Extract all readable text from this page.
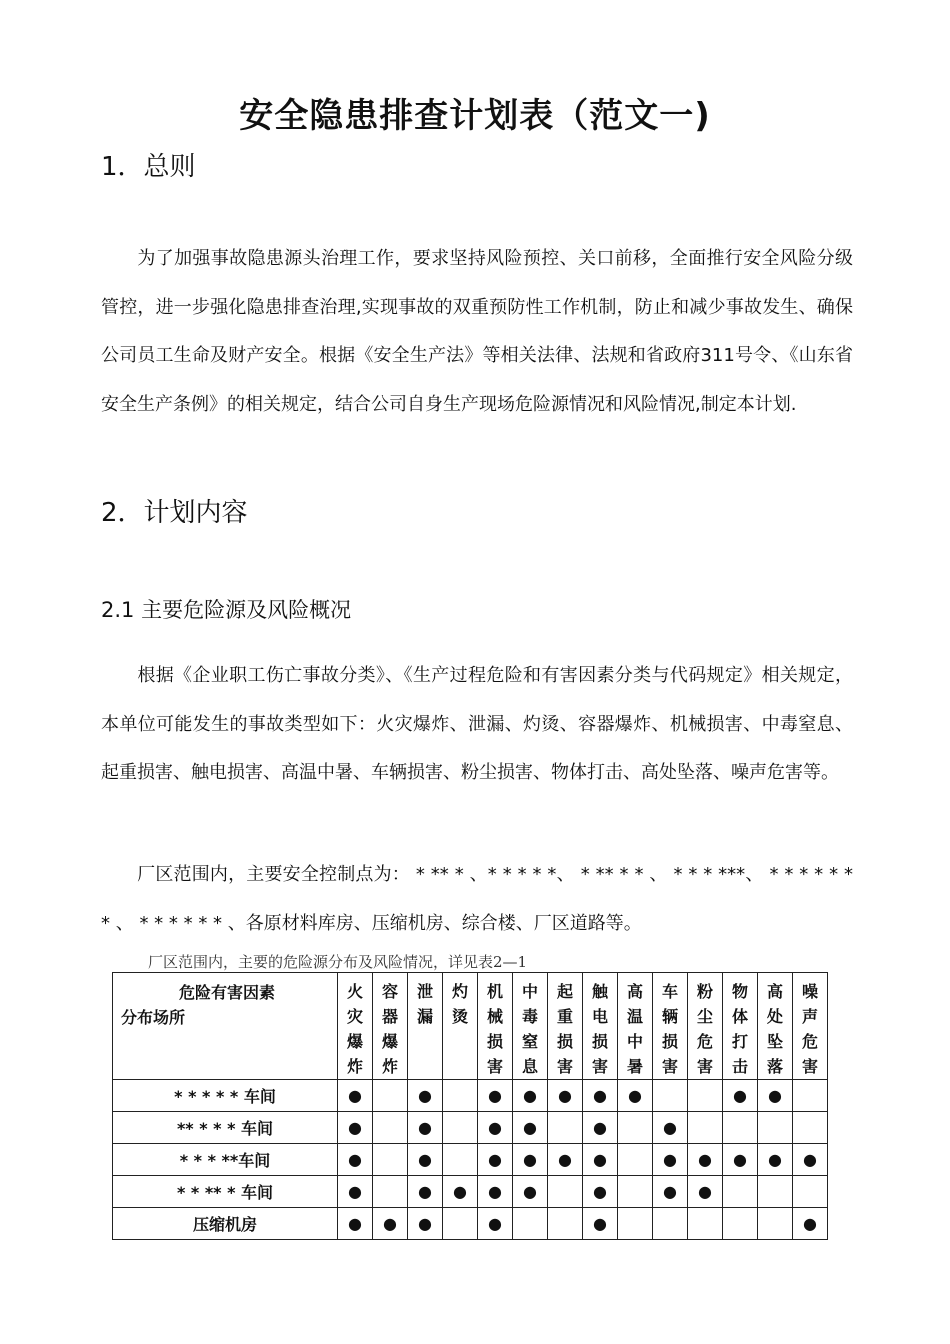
安全隐患排查计划表（范文一)
1．总则

为了加强事故隐患源头治理工作，要求坚持风险预控、关口前移，全面推行安全风险分级管控，进一步强化隐患排查治理,实现事故的双重预防性工作机制，防止和减少事故发生、确保公司员工生命及财产安全。根据《安全生产法》等相关法律、法规和省政府311号令、《山东省安全生产条例》的相关规定，结合公司自身生产现场危险源情况和风险情况,制定本计划.

2．计划内容
2.1 主要危险源及风险概况

根据《企业职工伤亡事故分类》、《生产过程危险和有害因素分类与代码规定》相关规定，本单位可能发生的事故类型如下：火灾爆炸、泄漏、灼烫、容器爆炸、机械损害、中毒窒息、起重损害、触电损害、高温中暑、车辆损害、粉尘损害、物体打击、高处坠落、噪声危害等。

厂区范围内，主要安全控制点为： * ** * 、* * * * *、 * ** * * 、 * * * ***、 * * * * * * * 、 * * * * * * 、各原材料库房、压缩机房、综合楼、厂区道路等。

厂区范围内，主要的危险源分布及风险情况，详见表2—1
危险有害因素
分布场所	火灾爆炸	容器爆炸	泄漏	灼烫	机械损害	中毒窒息	起重损害	触电损害	高温中暑	车辆损害	粉尘危害	物体打击	高处坠落	噪声危害

* * * * * 车间	●		●		●	●	●	●	●			●	●	
** * * * 车间	●		●		●	●		●		●				
* * * **车间	●		●		●	●	●	●		●	●	●	●	●
* * ** * 车间	●		●	●	●	●		●		●	●			
压缩机房	●	●	●		●			●						●
